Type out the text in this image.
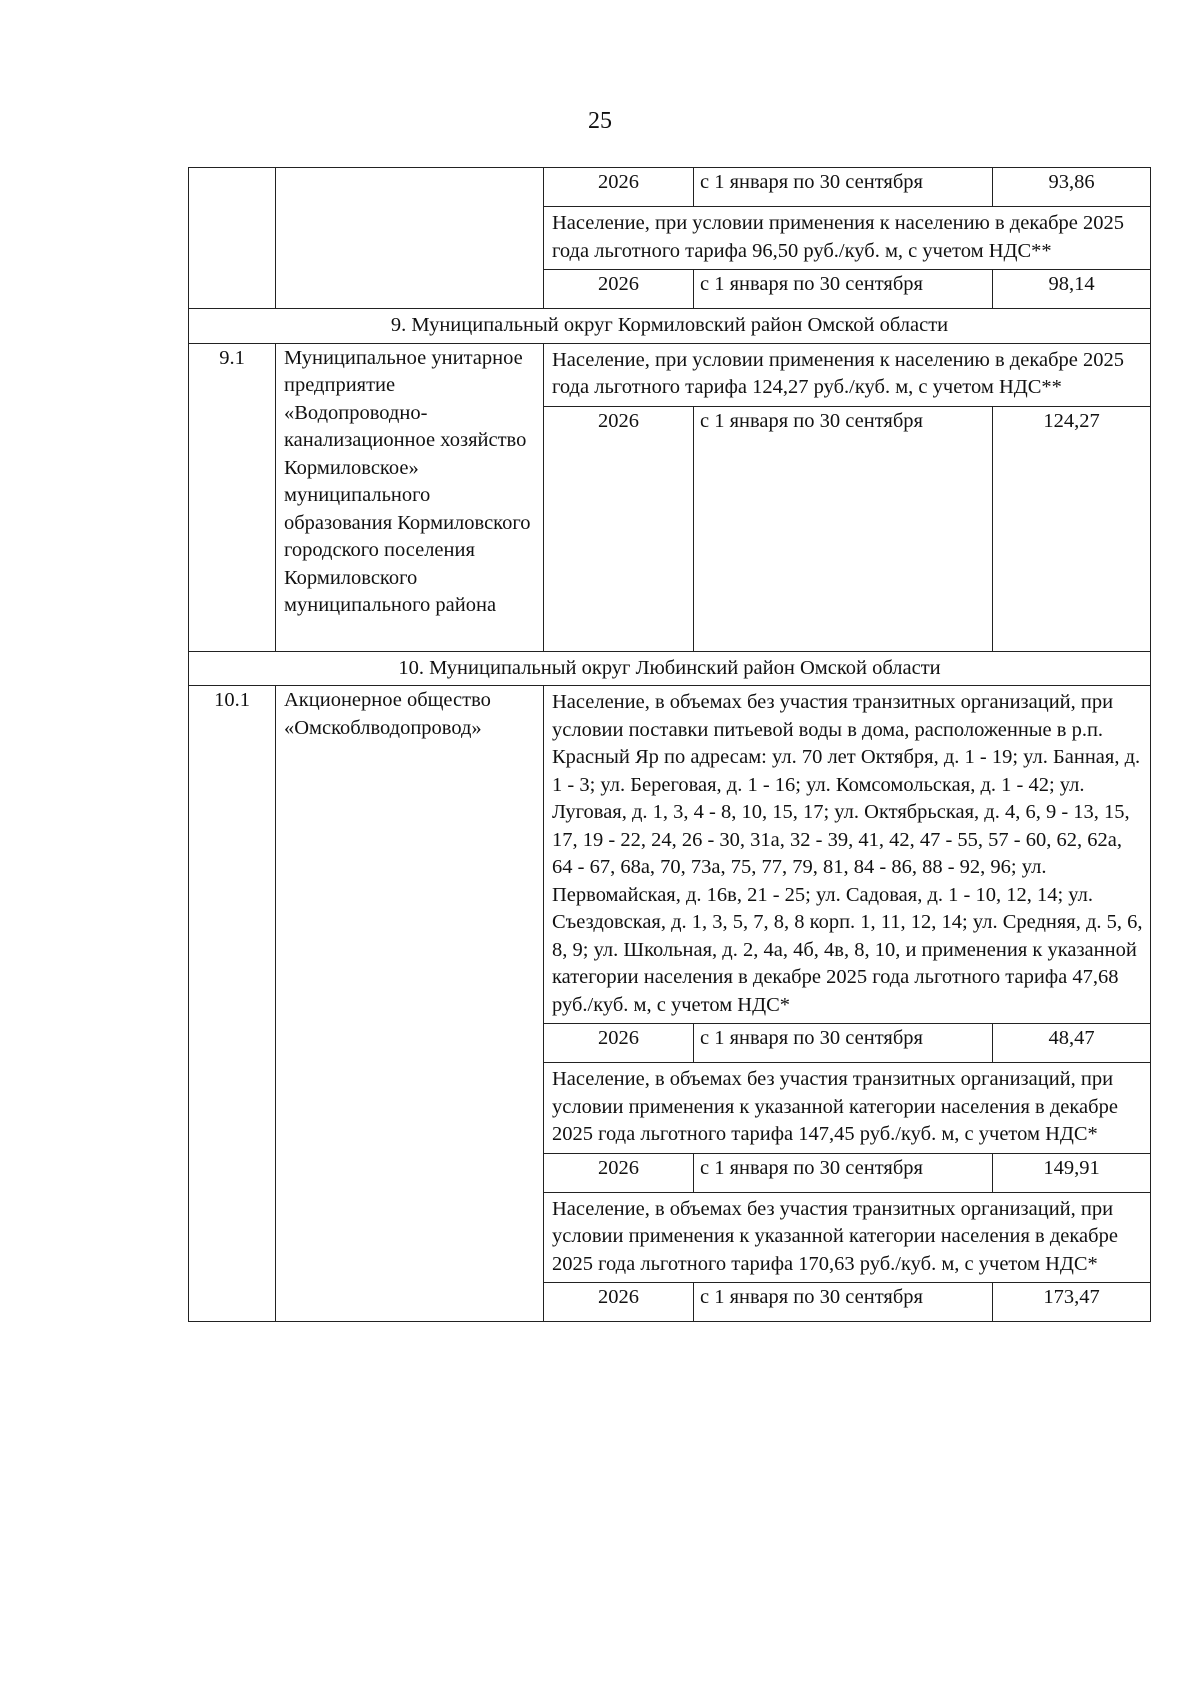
25
		2026	с 1 января по 30 сентября	93,86
		Население, при условии применения к населению в декабре 2025 года льготного тарифа 96,50 руб./куб. м, с учетом НДС**		
		2026	с 1 января по 30 сентября	98,14
9. Муниципальный округ Кормиловский район Омской области				
9.1	Муниципальное унитарное предприятие «Водопроводно-канализационное хозяйство Кормиловское» муниципального образования Кормиловского городского поселения Кормиловского муниципального района	Население, при условии применения к населению в декабре 2025 года льготного тарифа 124,27 руб./куб. м, с учетом НДС**		
		2026	с 1 января по 30 сентября	124,27
10. Муниципальный округ Любинский район Омской области				
10.1	Акционерное общество «Омскоблводопровод»	Население, в объемах без участия транзитных организаций, при условии поставки питьевой воды в дома, расположенные в р.п. Красный Яр по адресам: ул. 70 лет Октября, д. 1 - 19; ул. Банная, д. 1 - 3; ул. Береговая, д. 1 - 16; ул. Комсомольская, д. 1 - 42; ул. Луговая, д. 1, 3, 4 - 8, 10, 15, 17; ул. Октябрьская, д. 4, 6, 9 - 13, 15, 17, 19 - 22, 24, 26 - 30, 31а, 32 - 39, 41, 42, 47 - 55, 57 - 60, 62, 62а, 64 - 67, 68а, 70, 73а, 75, 77, 79, 81, 84 - 86, 88 - 92, 96; ул. Первомайская, д. 16в, 21 - 25; ул. Садовая, д. 1 - 10, 12, 14; ул. Съездовская, д. 1, 3, 5, 7, 8, 8 корп. 1, 11, 12, 14; ул. Средняя, д. 5, 6, 8, 9; ул. Школьная, д. 2, 4а, 4б, 4в, 8, 10, и применения к указанной категории населения в декабре 2025 года льготного тарифа 47,68 руб./куб. м, с учетом НДС*		
		2026	с 1 января по 30 сентября	48,47
		Население, в объемах без участия транзитных организаций, при условии применения к указанной категории населения в декабре 2025 года льготного тарифа 147,45 руб./куб. м, с учетом НДС*		
		2026	с 1 января по 30 сентября	149,91
		Население, в объемах без участия транзитных организаций, при условии применения к указанной категории населения в декабре 2025 года льготного тарифа 170,63 руб./куб. м, с учетом НДС*		
		2026	с 1 января по 30 сентября	173,47
